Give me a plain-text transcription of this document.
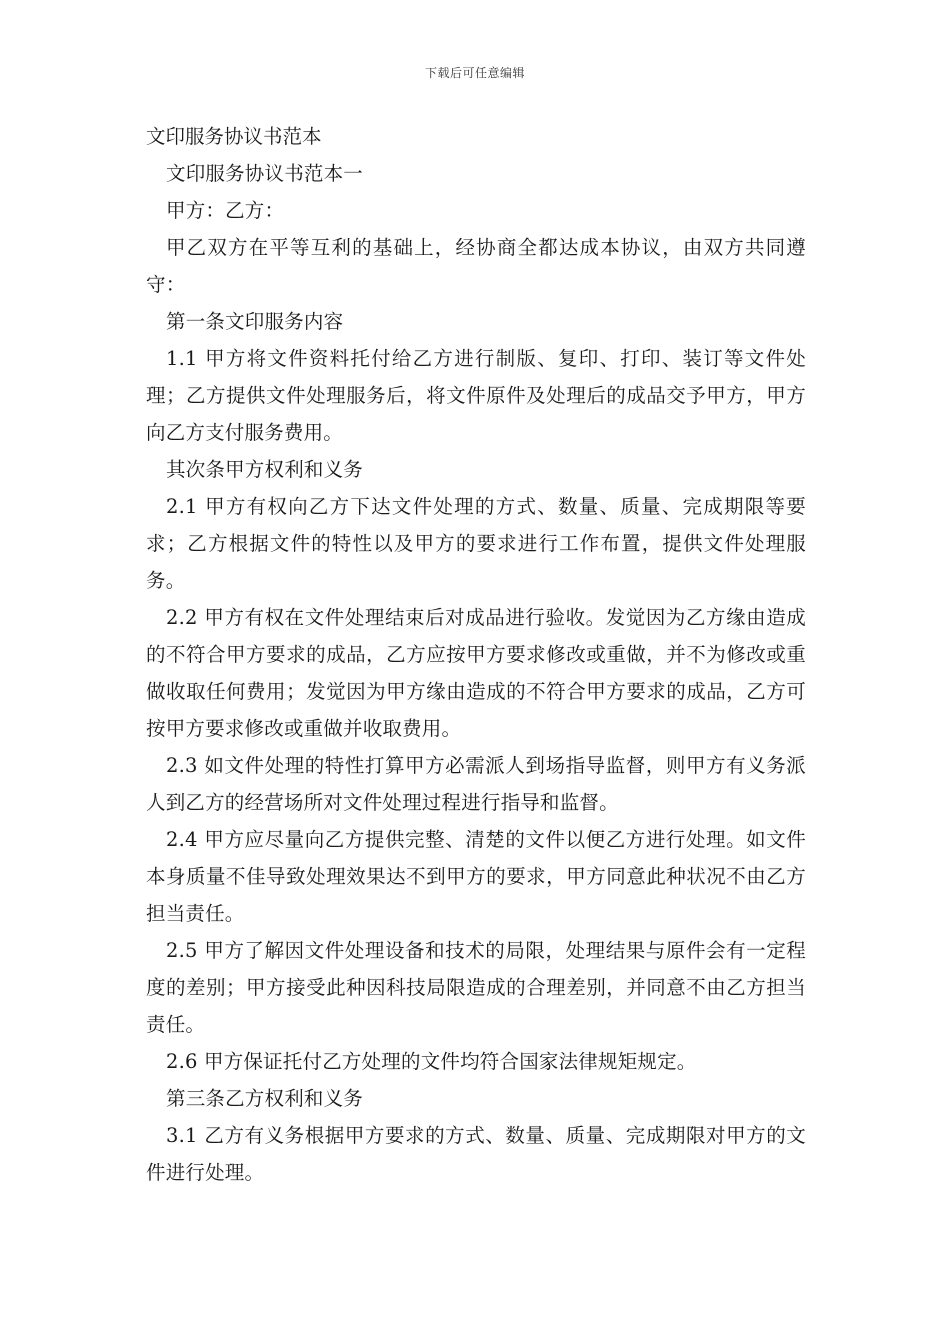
下载后可任意编辑

文印服务协议书范本

文印服务协议书范本一

甲方：乙方：

甲乙双方在平等互利的基础上，经协商全都达成本协议，由双方共同遵守：

第一条文印服务内容

1.1 甲方将文件资料托付给乙方进行制版、复印、打印、装订等文件处理；乙方提供文件处理服务后，将文件原件及处理后的成品交予甲方，甲方向乙方支付服务费用。

其次条甲方权利和义务

2.1 甲方有权向乙方下达文件处理的方式、数量、质量、完成期限等要求；乙方根据文件的特性以及甲方的要求进行工作布置，提供文件处理服务。

2.2 甲方有权在文件处理结束后对成品进行验收。发觉因为乙方缘由造成的不符合甲方要求的成品，乙方应按甲方要求修改或重做，并不为修改或重做收取任何费用；发觉因为甲方缘由造成的不符合甲方要求的成品，乙方可按甲方要求修改或重做并收取费用。

2.3 如文件处理的特性打算甲方必需派人到场指导监督，则甲方有义务派人到乙方的经营场所对文件处理过程进行指导和监督。

2.4 甲方应尽量向乙方提供完整、清楚的文件以便乙方进行处理。如文件本身质量不佳导致处理效果达不到甲方的要求，甲方同意此种状况不由乙方担当责任。

2.5 甲方了解因文件处理设备和技术的局限，处理结果与原件会有一定程度的差别；甲方接受此种因科技局限造成的合理差别，并同意不由乙方担当责任。

2.6 甲方保证托付乙方处理的文件均符合国家法律规矩规定。

第三条乙方权利和义务

3.1 乙方有义务根据甲方要求的方式、数量、质量、完成期限对甲方的文件进行处理。
